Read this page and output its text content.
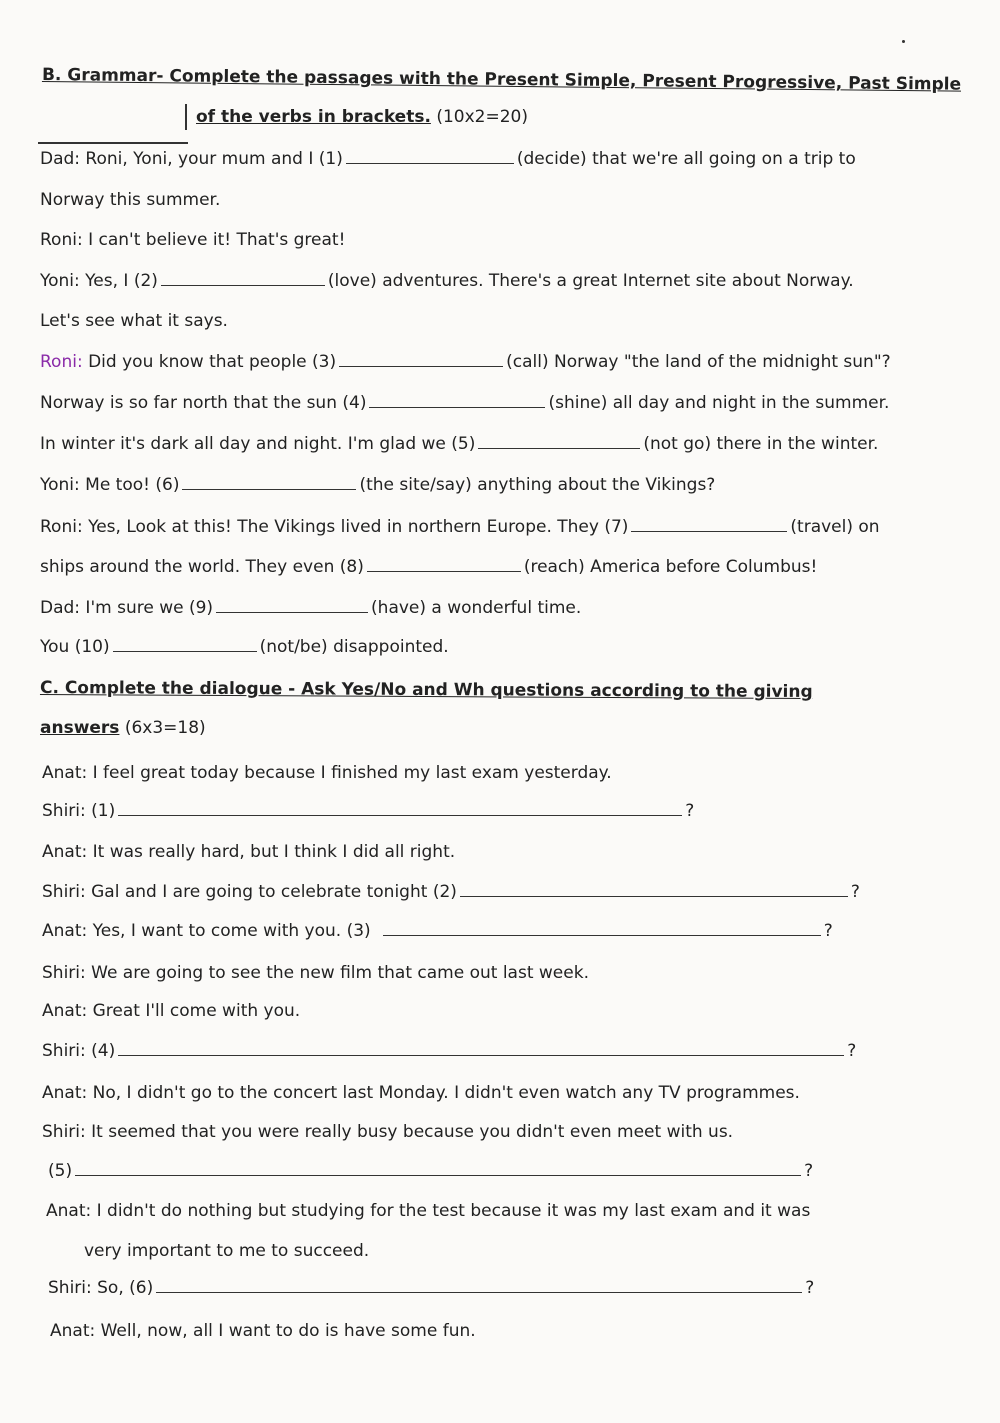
B. Grammar- Complete the passages with the Present Simple, Present Progressive, Past Simple
of the verbs in brackets. (10x2=20)
Dad: Roni, Yoni, your mum and I (1)	(decide) that we're all going on a trip to
Norway this summer.
Roni: I can't believe it! That's great!
Yoni: Yes, I (2)	(love) adventures. There's a great Internet site about Norway.
Let's see what it says.
Roni: Did you know that people (3)	(call) Norway "the land of the midnight sun"?
Norway is so far north that the sun (4)	(shine) all day and night in the summer.
In winter it's dark all day and night. I'm glad we (5)	(not go) there in the winter.
Yoni: Me too! (6)	(the site/say) anything about the Vikings?
Roni: Yes, Look at this! The Vikings lived in northern Europe. They (7)	(travel) on
ships around the world. They even (8)	(reach) America before Columbus!
Dad: I'm sure we (9)	(have) a wonderful time.
You (10)	(not/be) disappointed.
C. Complete the dialogue - Ask Yes/No and Wh questions according to the giving
answers (6x3=18)
Anat: I feel great today because I finished my last exam yesterday.
Shiri: (1)	?
Anat: It was really hard, but I think I did all right.
Shiri: Gal and I are going to celebrate tonight (2)	?
Anat: Yes, I want to come with you. (3)	?
Shiri: We are going to see the new film that came out last week.
Anat: Great I'll come with you.
Shiri: (4)	?
Anat: No, I didn't go to the concert last Monday. I didn't even watch any TV programmes.
Shiri: It seemed that you were really busy because you didn't even meet with us.
(5)	?
Anat: I didn't do nothing but studying for the test because it was my last exam and it was
very important to me to succeed.
Shiri: So, (6)	?
Anat: Well, now, all I want to do is have some fun.
